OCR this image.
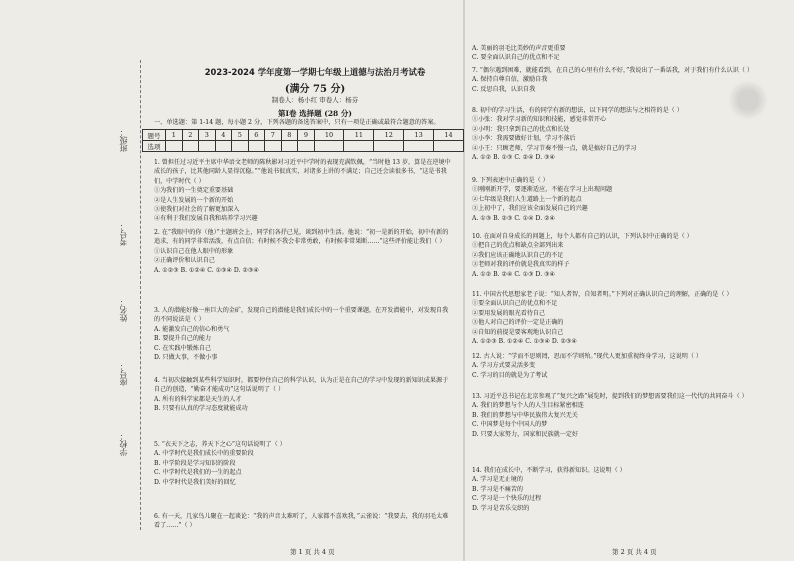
班级：
考号：
姓名：
座号：
学校：
2023-2024 学年度第一学期七年级上道德与法治月考试卷
(满分 75 分)
制卷人：杨小红 审卷人：杨芬
第Ⅰ卷 选择题 (28 分)
一、单选题：第 1-14 题，每小题 2 分，下列各题的备选答案中，只有一项是正确或最符合题意的答案。
题号	1	2	3	4	5	6	7	8	9	10	11	12	13	14
选项														
1. 曾担任过习近平主席中华语文老师的陈秋影对习近平中学时的表现充满钦佩，“当时他 13 岁，算是在逆境中成长的孩子，比其他同龄人显得沉稳。”“他说书很真实，对诸多上讲的不满足；自己还会读很多书，“这是书我们，中学时代（ ）
①为我们的一生奠定重要基础
②是人生发展的一个新的开始
③使我们对社会的了解更加深入
④有利于我们发展自我和培养学习兴趣
2. 在“我眼中的你（他）”主题班会上，同学们各抒己见，谈到初中生活。他说：“初一是新的开始，初中有新的追求，有的同学非常活泼，有点自信；有时候不我会非常勇敢，有时候非常果断……”这些评价能让我们（ ）
①认识自己在他人眼中的形象
②正确评价和认识自己
A. ①②③ B. ①②④ C. ①③④ D. ②③④
3. 人的潜能好像一座巨大的金矿，发现自己的潜能是我们成长中的一个重要课题，在开发潜能中，对发现自我的不同说法是（ ）
A. 能激发自己的信心和勇气
B. 要提升自己的能力
C. 在实践中锻炼自己
D. 只做大事，不做小事
4. 当初次接触到某些科学知识时，都要停住自己的科学认识，认为正是在自己的学习中发现的新知识成果源于自己的创造，“勤奋才能成功”这句话说明了（ ）
A. 所有的科学家都是天生的人才
B. 只要有认真的学习态度就能成功
5. “衣天下之志，养天下之心”这句话说明了（ ）
A. 中学时代是我们成长中的重要阶段
B. 中学阶段是学习知识的阶段
C. 中学时代是我们的一生的起点
D. 中学时代是我们美好的回忆
6. 有一天，几家鸟儿聚在一起谈论：“我的声音太难听了，人家都不喜欢我，”云雀说：“我要去，我的羽毛太难看了……”（ ）
A. 美丽的羽毛比美妙的声音更重要
C. 要全面认识自己的优点和不足
7. “偶尔遇到困难，就能看到，在自己的心里有什么不好，”我说出了一番话我，对于我们有什么认识（ ）
A. 保持自尊自信，激励自我
C. 反思自我，认识自我
8. 初中的学习生活，有的同学有新的想法，以下同学的想法与之相符的是（ ）
①小张：我对学习新的知识和技能，感觉非常开心
②小明：我只拿到自己的优点和长处
③小李：我需要做好计划，学习不落后
④小王：只顾老师，学习节奏不慢一点，就是搞好自己的学习
A. ①② B. ①③ C. ②④ D. ③④
9. 下列表述中正确的是（ ）
①刚刚新开学，要逐渐适应，不能在学习上出现问题
②七年级是我们人生道路上一个新的起点
③上初中了，我们应该全面发展自己的兴趣
A. ①③ B. ②③ C. ①④ D. ②④
10. 在面对自身成长的问题上，每个人都有自己的认识，下列认识中正确的是（ ）
①把自己的优点和缺点全部列出来
②我们应该正确地认识自己的不足
③老师对我的评价就是我真实的样子
A. ①② B. ②④ C. ①③ D. ③④
11. 中国古代思想家老子说：“知人者智，自知者明。”下列对正确认识自己的理解，正确的是（ ）
①要全面认识自己的优点和不足
②要用发展的眼光看待自己
③他人对自己的评价一定是正确的
④自知的前提是要客观地认识自己
A. ①②③ B. ①②④ C. ①③④ D. ②③④
12. 古人说：“学而不思则罔，思而不学则殆。”现代人更加重视终身学习，这说明（ ）
A. 学习方式要灵活多变
C. 学习的目的就是为了考试
13. 习近平总书记在北京参观了“复兴之路”展览时，提到我们的梦想需要我们这一代代的共同奋斗（ ）
A. 我们的梦想与个人的人生目标紧密相连
B. 我们的梦想与中华民族伟大复兴无关
C. 中国梦是每个中国人的梦
D. 只要大家努力，国家和民族就一定好
14. 我们在成长中，不断学习，获得新知识。这说明（ ）
A. 学习是无止境的
B. 学习是不痛苦的
C. 学习是一个快乐的过程
D. 学习是苦乐交织的
第 1 页 共 4 页	第 2 页 共 4 页
